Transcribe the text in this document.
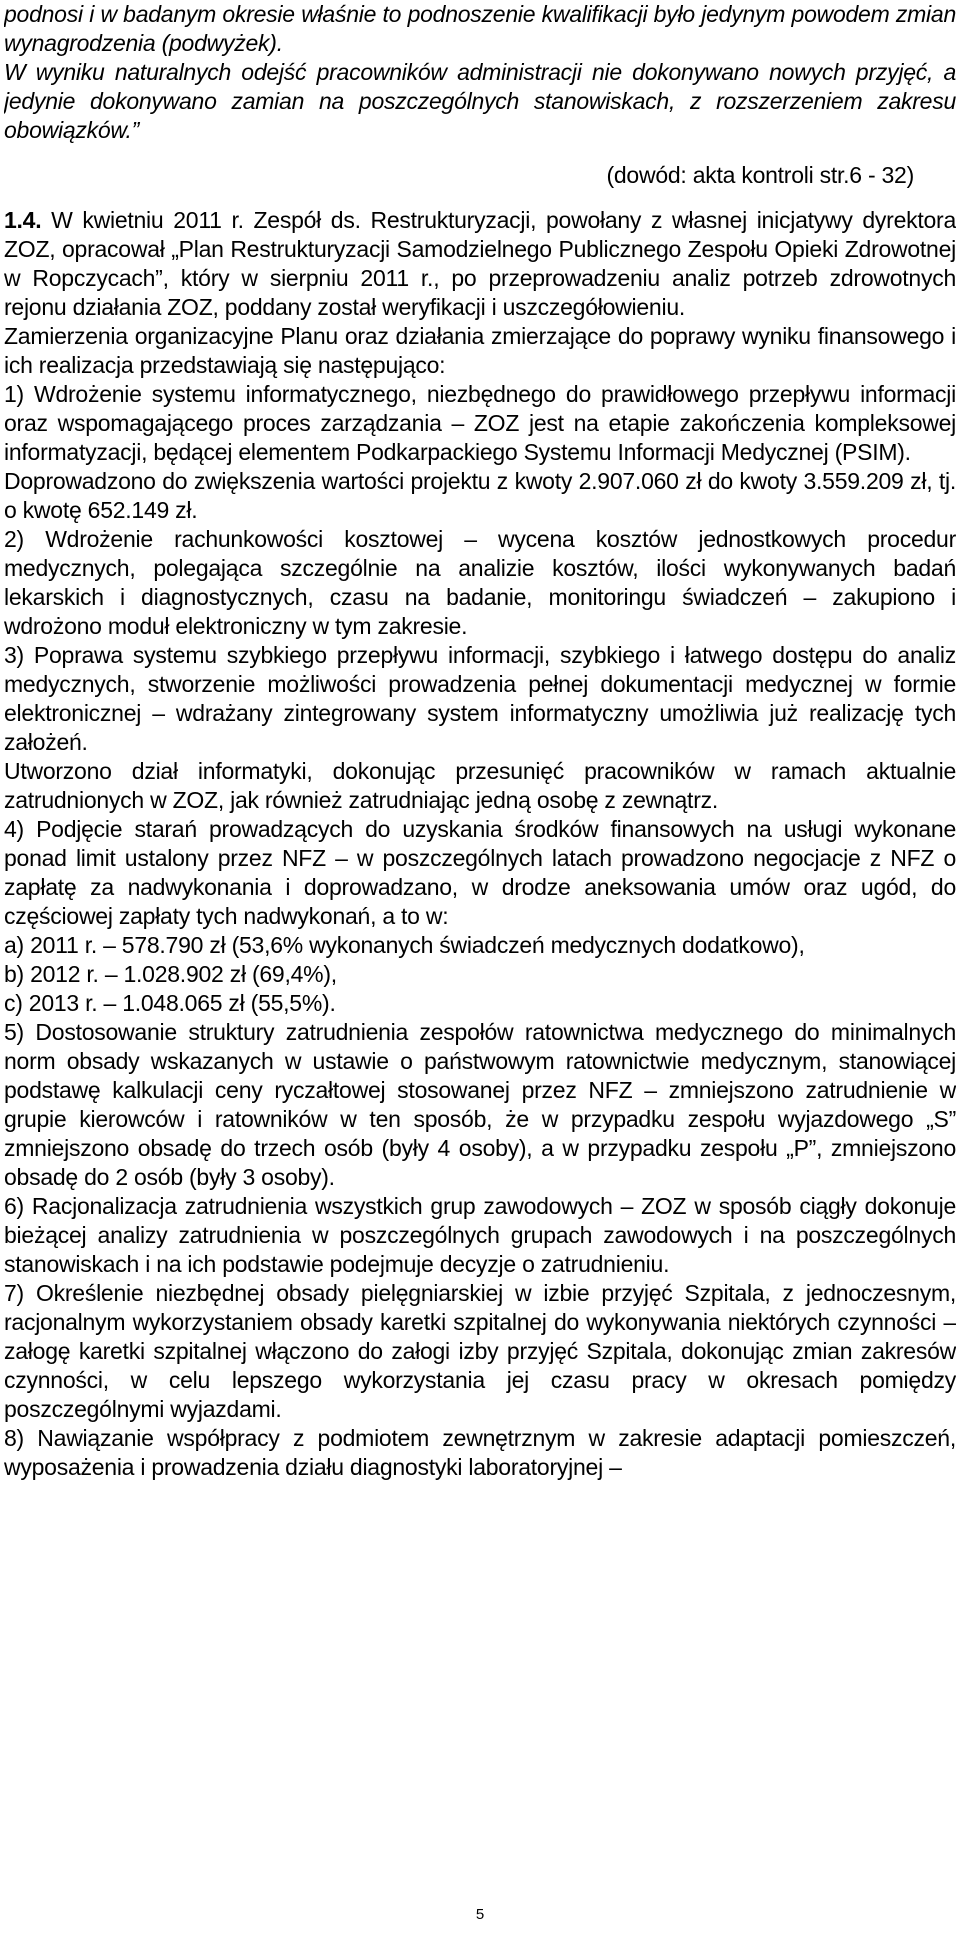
podnosi i w badanym okresie właśnie to podnoszenie kwalifikacji było jedynym powodem zmian wynagrodzenia (podwyżek).

W wyniku naturalnych odejść pracowników administracji nie dokonywano nowych przyjęć, a jedynie dokonywano zamian na poszczególnych stanowiskach, z rozszerzeniem zakresu obowiązków.”

(dowód: akta kontroli str.6 - 32)

1.4. W kwietniu 2011 r. Zespół ds. Restrukturyzacji, powołany z własnej inicjatywy dyrektora ZOZ, opracował „Plan Restrukturyzacji Samodzielnego Publicznego Zespołu Opieki Zdrowotnej w Ropczycach”, który w sierpniu 2011 r., po przeprowadzeniu analiz potrzeb zdrowotnych rejonu działania ZOZ, poddany został weryfikacji i uszczegółowieniu.

Zamierzenia organizacyjne Planu oraz działania zmierzające do poprawy wyniku finansowego i ich realizacja przedstawiają się następująco:

1) Wdrożenie systemu informatycznego, niezbędnego do prawidłowego przepływu informacji oraz wspomagającego proces zarządzania – ZOZ jest na etapie zakończenia kompleksowej informatyzacji, będącej elementem Podkarpackiego Systemu Informacji Medycznej (PSIM).

Doprowadzono do zwiększenia wartości projektu z kwoty 2.907.060 zł do kwoty 3.559.209 zł, tj. o kwotę 652.149 zł.

2) Wdrożenie rachunkowości kosztowej – wycena kosztów jednostkowych procedur medycznych, polegająca szczególnie na analizie kosztów, ilości wykonywanych badań lekarskich i diagnostycznych, czasu na badanie, monitoringu świadczeń – zakupiono i wdrożono moduł elektroniczny w tym zakresie.

3) Poprawa systemu szybkiego przepływu informacji, szybkiego i łatwego dostępu do analiz medycznych, stworzenie możliwości prowadzenia pełnej dokumentacji medycznej w formie elektronicznej – wdrażany zintegrowany system informatyczny umożliwia już realizację tych założeń.

Utworzono dział informatyki, dokonując przesunięć pracowników w ramach aktualnie zatrudnionych w ZOZ, jak również zatrudniając jedną osobę z zewnątrz.

4) Podjęcie starań prowadzących do uzyskania środków finansowych na usługi wykonane ponad limit ustalony przez NFZ – w poszczególnych latach prowadzono negocjacje z NFZ o zapłatę za nadwykonania i doprowadzano, w drodze aneksowania umów oraz ugód, do częściowej zapłaty tych nadwykonań, a to w:

a) 2011 r. – 578.790 zł (53,6% wykonanych świadczeń medycznych dodatkowo),

b) 2012 r. – 1.028.902 zł (69,4%),

c) 2013 r. – 1.048.065 zł (55,5%).

5) Dostosowanie struktury zatrudnienia zespołów ratownictwa medycznego do minimalnych norm obsady wskazanych w ustawie o państwowym ratownictwie medycznym, stanowiącej podstawę kalkulacji ceny ryczałtowej stosowanej przez NFZ – zmniejszono zatrudnienie w grupie kierowców i ratowników w ten sposób, że w przypadku zespołu wyjazdowego „S” zmniejszono obsadę do trzech osób (były 4 osoby), a w przypadku zespołu „P”, zmniejszono obsadę do 2 osób (były 3 osoby).

6) Racjonalizacja zatrudnienia wszystkich grup zawodowych – ZOZ w sposób ciągły dokonuje bieżącej analizy zatrudnienia w poszczególnych grupach zawodowych i na poszczególnych stanowiskach i na ich podstawie podejmuje decyzje o zatrudnieniu.

7) Określenie niezbędnej obsady pielęgniarskiej w izbie przyjęć Szpitala, z jednoczesnym, racjonalnym wykorzystaniem obsady karetki szpitalnej do wykonywania niektórych czynności – załogę karetki szpitalnej włączono do załogi izby przyjęć Szpitala, dokonując zmian zakresów czynności, w celu lepszego wykorzystania jej czasu pracy w okresach pomiędzy poszczególnymi wyjazdami.

8) Nawiązanie współpracy z podmiotem zewnętrznym w zakresie adaptacji pomieszczeń, wyposażenia i prowadzenia działu diagnostyki laboratoryjnej –

5
